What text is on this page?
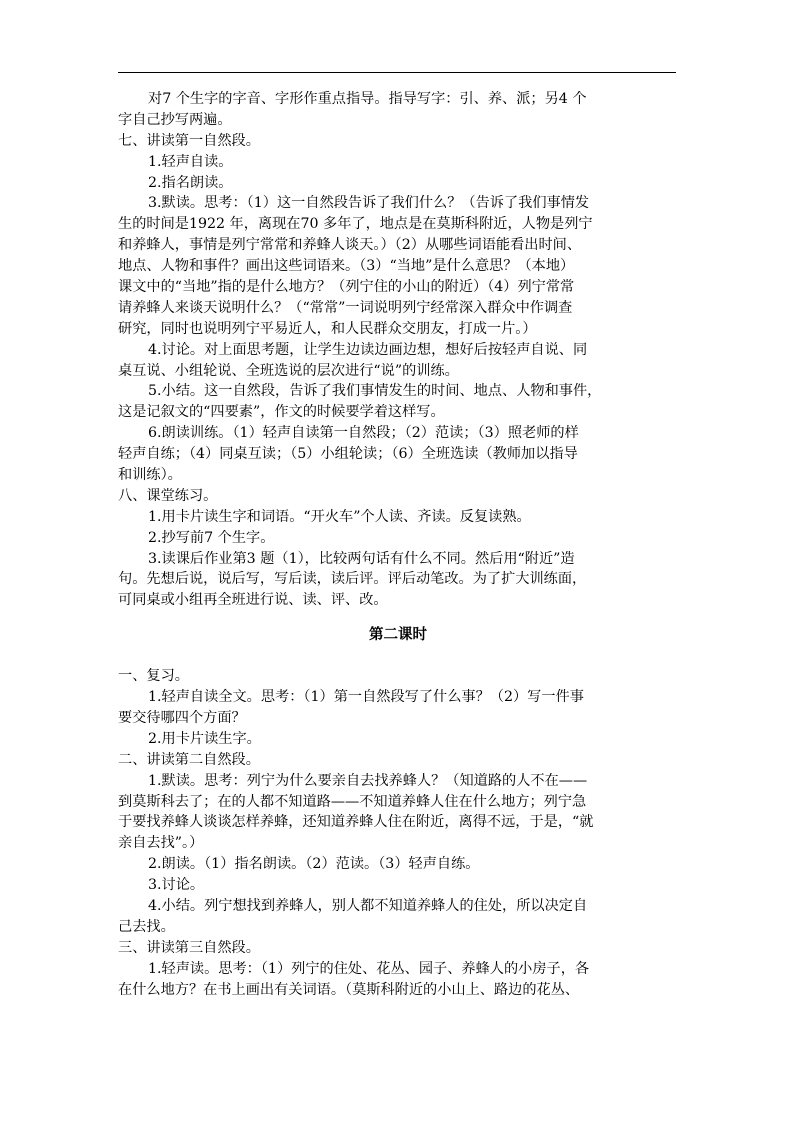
对7 个生字的字音、字形作重点指导。指导写字：引、养、派；另4 个
字自己抄写两遍。
七、讲读第一自然段。
1.轻声自读。
2.指名朗读。
3.默读。思考：（1）这一自然段告诉了我们什么？（告诉了我们事情发
生的时间是1922 年，离现在70 多年了，地点是在莫斯科附近，人物是列宁
和养蜂人，事情是列宁常常和养蜂人谈天。）（2）从哪些词语能看出时间、
地点、人物和事件？画出这些词语来。（3）“当地”是什么意思？（本地）
课文中的“当地”指的是什么地方？（列宁住的小山的附近）（4）列宁常常
请养蜂人来谈天说明什么？（“常常”一词说明列宁经常深入群众中作调查
研究，同时也说明列宁平易近人，和人民群众交朋友，打成一片。）
4.讨论。对上面思考题，让学生边读边画边想，想好后按轻声自说、同
桌互说、小组轮说、全班选说的层次进行“说”的训练。
5.小结。这一自然段，告诉了我们事情发生的时间、地点、人物和事件，
这是记叙文的“四要素”，作文的时候要学着这样写。
6.朗读训练。（1）轻声自读第一自然段；（2）范读；（3）照老师的样
轻声自练；（4）同桌互读；（5）小组轮读；（6）全班选读（教师加以指导
和训练）。
八、课堂练习。
1.用卡片读生字和词语。“开火车”个人读、齐读。反复读熟。
2.抄写前7 个生字。
3.读课后作业第3 题（1），比较两句话有什么不同。然后用“附近”造
句。先想后说，说后写，写后读，读后评。评后动笔改。为了扩大训练面，
可同桌或小组再全班进行说、读、评、改。
第二课时
一、复习。
1.轻声自读全文。思考：（1）第一自然段写了什么事？（2）写一件事
要交待哪四个方面？
2.用卡片读生字。
二、讲读第二自然段。
1.默读。思考：列宁为什么要亲自去找养蜂人？（知道路的人不在——
到莫斯科去了；在的人都不知道路——不知道养蜂人住在什么地方；列宁急
于要找养蜂人谈谈怎样养蜂，还知道养蜂人住在附近，离得不远，于是，“就
亲自去找”。）
2.朗读。（1）指名朗读。（2）范读。（3）轻声自练。
3.讨论。
4.小结。列宁想找到养蜂人，别人都不知道养蜂人的住处，所以决定自
己去找。
三、讲读第三自然段。
1.轻声读。思考：（1）列宁的住处、花丛、园子、养蜂人的小房子，各
在什么地方？在书上画出有关词语。（莫斯科附近的小山上、路边的花丛、
